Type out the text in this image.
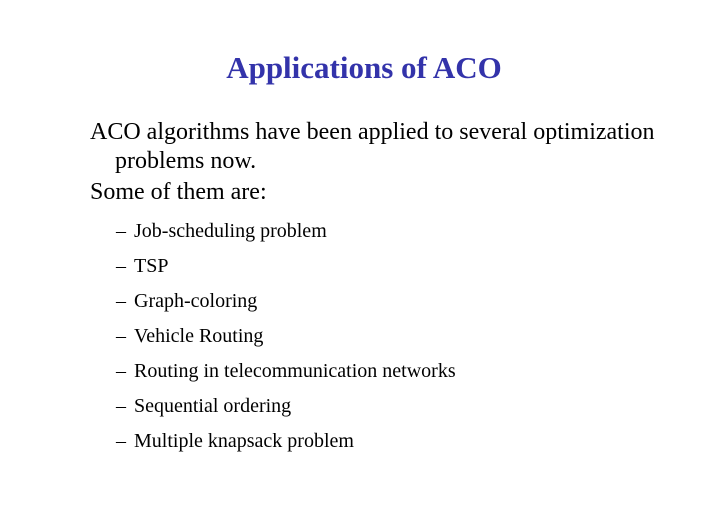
Applications of ACO

ACO algorithms have been applied to several optimization problems now.

Some of them are:

– Job-scheduling problem
– TSP
– Graph-coloring
– Vehicle Routing
– Routing in telecommunication networks
– Sequential ordering
– Multiple knapsack problem
